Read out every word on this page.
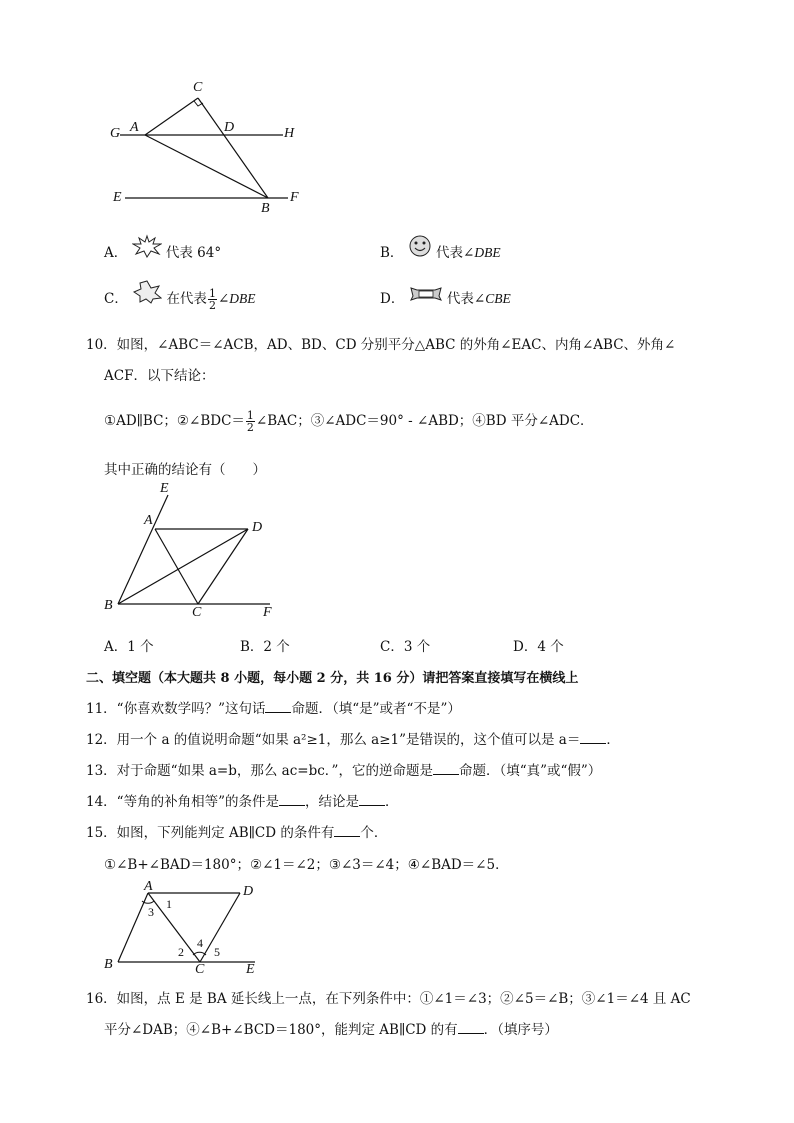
C
G A	D	H
E
B
F
A．	代表 64°	B． 代表∠DBE
C．	在代表 $\frac{1}{2}$ ∠DBE	D．	代表∠CBE
10．如图，∠ABC＝∠ACB，AD、BD、CD 分别平分△ABC 的外角∠EAC、内角∠ABC、外角∠
ACF．以下结论：
①AD∥BC；②∠BDC＝ $\frac{1}{2}$ ∠BAC；③∠ADC＝90° - ∠ABD；④BD 平分∠ADC．
其中正确的结论有（　　）
E
A	D
B	C	F
A．1 个	B．2 个	C．3 个	D．4 个
二、填空题（本大题共 8 小题，每小题 2 分，共 16 分）请把答案直接填写在横线上
11．“你喜欢数学吗？”这句话 命题．（填“是”或者“不是”）
12．用一个 a 的值说明命题“如果 a²≥1，那么 a≥1”是错误的，这个值可以是 a＝ ．
13．对于命题“如果 a=b，那么 ac=bc．”，它的逆命题是 命题．（填“真”或“假”）
14．“等角的补角相等”的条件是 ，结论是 ．
15．如图，下列能判定 AB∥CD 的条件有 个．
①∠B+∠BAD＝180°；②∠1＝∠2；③∠3＝∠4；④∠BAD＝∠5．
A	D
B	C	E
1
3
2
4
5
16．如图，点 E 是 BA 延长线上一点，在下列条件中：①∠1＝∠3；②∠5＝∠B；③∠1＝∠4 且 AC
平分∠DAB；④∠B+∠BCD＝180°，能判定 AB∥CD 的有 ．（填序号）
